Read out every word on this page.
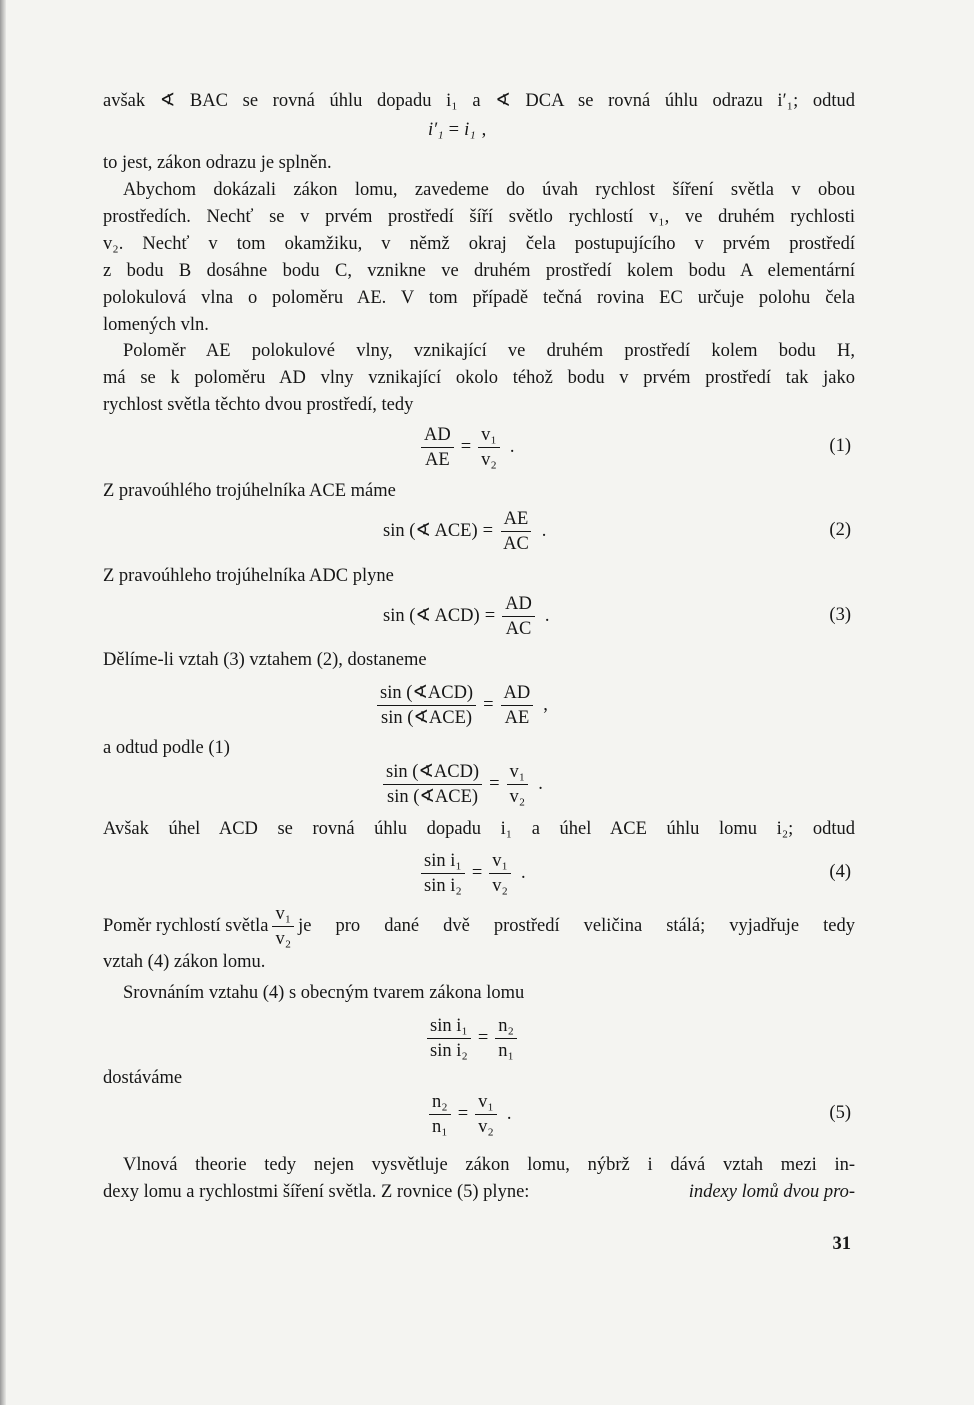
avšak ∢ BAC se rovná úhlu dopadu i₁ a ∢ DCA se rovná úhlu odrazu i′₁; odtud
i′₁ = i₁ ,
to jest, zákon odrazu je splněn.
Abychom dokázali zákon lomu, zavedeme do úvah rychlost šíření světla v obou
prostředích. Nechť se v prvém prostředí šíří světlo rychlostí v₁, ve druhém rychlosti
v₂. Nechť v tom okamžiku, v němž okraj čela postupujícího v prvém prostředí
z bodu B dosáhne bodu C, vznikne ve druhém prostředí kolem bodu A elementární
polokulová vlna o poloměru AE. V tom případě tečná rovina EC určuje polohu čela
lomených vln.
Poloměr AE polokulové vlny, vznikající ve druhém prostředí kolem bodu H,
má se k poloměru AD vlny vznikající okolo téhož bodu v prvém prostředí tak jako
rychlost světla těchto dvou prostředí, tedy
$\frac{AD}{AE} = \frac{\text{v₁}}{\text{v₂}}$ .	(1)
Z pravoúhlého trojúhelníka ACE máme
sin (∢ $ACE) = \frac{AE}{AC}$ .	(2)
Z pravoúhleho trojúhelníka ADC plyne
sin (∢ $ACD) = \frac{AD}{AC}$ .	(3)
Dělíme-li vztah (3) vztahem (2), dostaneme
$\frac{\text{sin (∢ACD)}}{\text{sin (∢ACE)}} = \frac{AD}{AE}$ ,
a odtud podle (1)
$\frac{\text{sin (∢ACD)}}{\text{sin (∢ACE)}} = \frac{\text{v₁}}{\text{v₂}}$ .
Avšak úhel ACD se rovná úhlu dopadu i₁ a úhel ACE úhlu lomu i₂; odtud
$\frac{\text{sin i₁}}{\text{sin i₂}} = \frac{\text{v₁}}{\text{v₂}}$ .	(4)
Poměr rychlostí světla $\frac{\text{v₁}}{\text{v₂}}$ je pro dané dvě prostředí veličina stálá; vyjadřuje tedy
vztah (4) zákon lomu.
Srovnáním vztahu (4) s obecným tvarem zákona lomu
$\frac{\text{sin i₁}}{\text{sin i₂}} = \frac{\text{n₂}}{\text{n₁}}$
dostáváme
$\frac{\text{n₂}}{\text{n₁}} = \frac{\text{v₁}}{\text{v₂}}$ .	(5)
Vlnová theorie tedy nejen vysvětluje zákon lomu, nýbrž i dává vztah mezi in-
dexy lomu a rychlostmi šíření světla. Z rovnice (5) plyne:	indexy lomů dvou pro-
31
